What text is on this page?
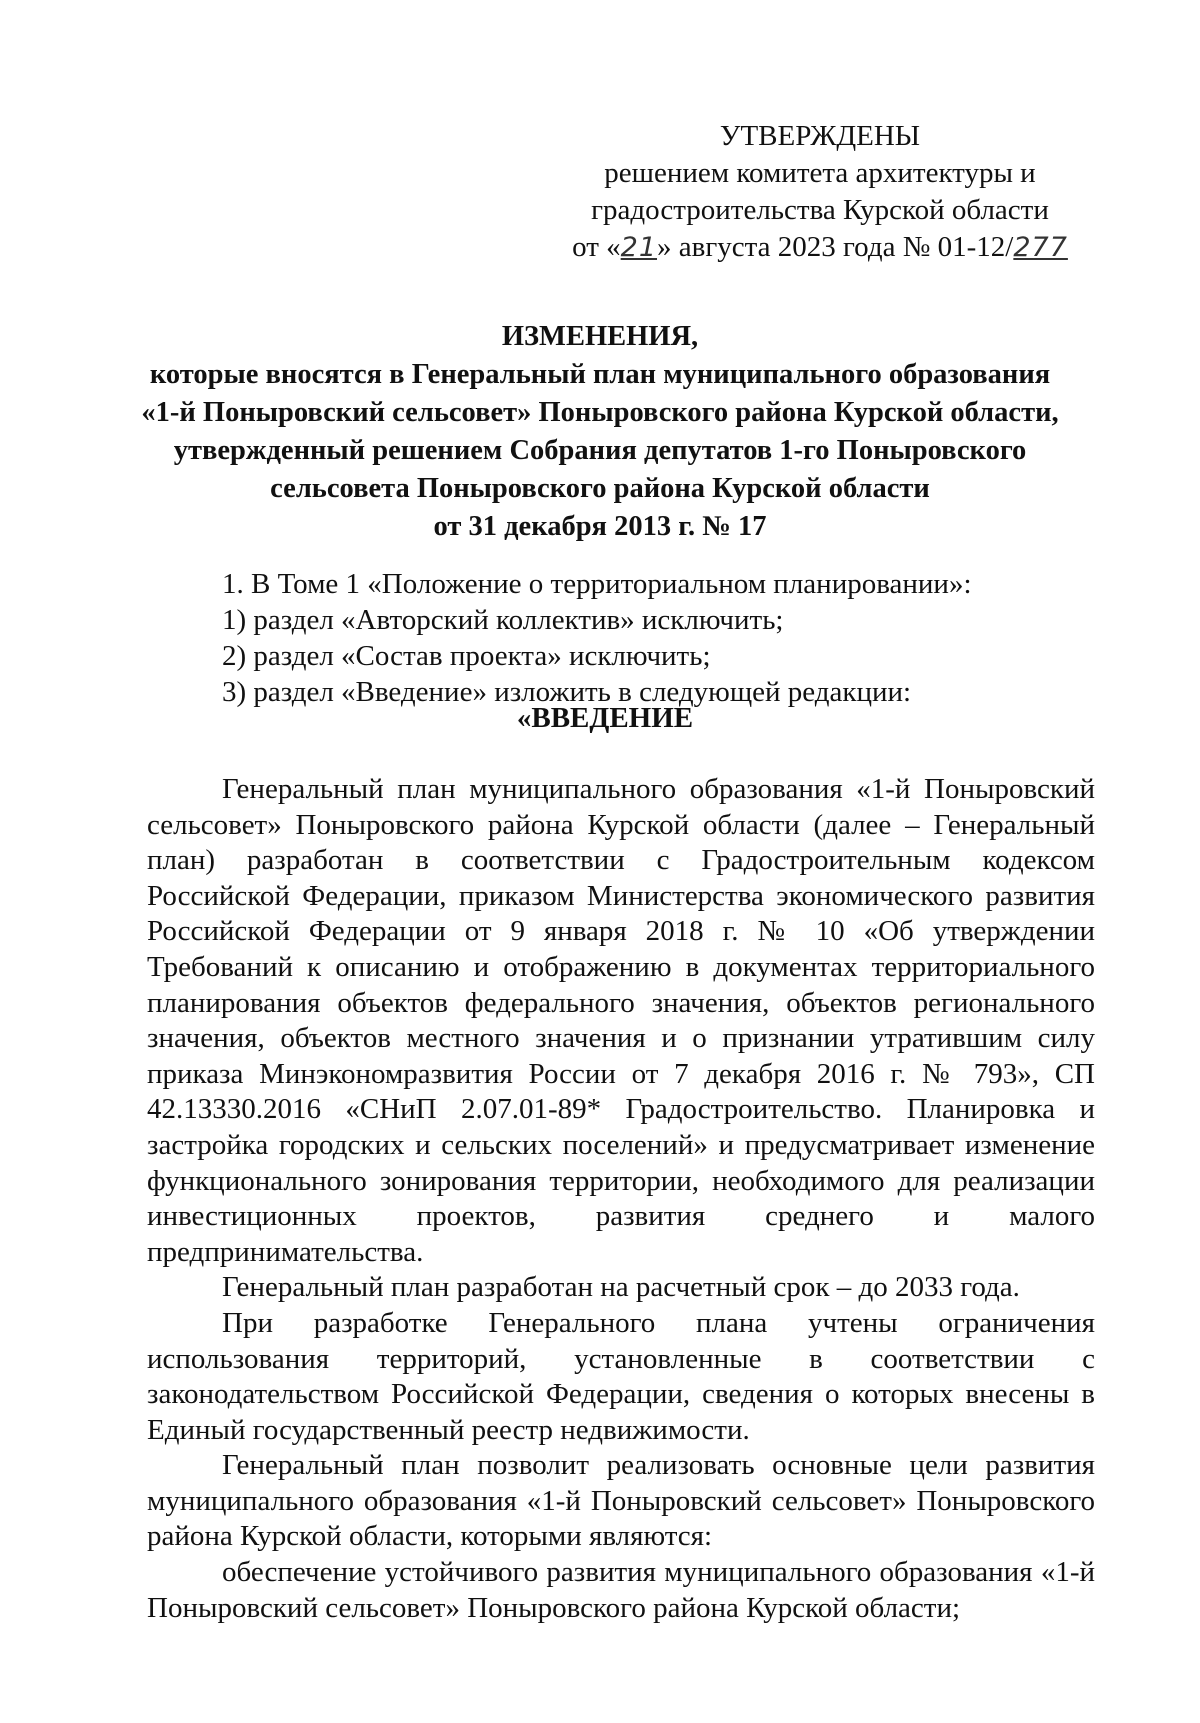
УТВЕРЖДЕНЫ
решением комитета архитектуры и
градостроительства Курской области
от «21» августа 2023 года № 01-12/277
ИЗМЕНЕНИЯ,
которые вносятся в Генеральный план муниципального образования
«1-й Поныровский сельсовет» Поныровского района Курской области,
утвержденный решением Собрания депутатов 1-го Поныровского
сельсовета Поныровского района Курской области
от 31 декабря 2013 г. № 17
1. В Томе 1 «Положение о территориальном планировании»:
1) раздел «Авторский коллектив» исключить;
2) раздел «Состав проекта» исключить;
3) раздел «Введение» изложить в следующей редакции:
«ВВЕДЕНИЕ

Генеральный план муниципального образования «1-й Поныровский сельсовет» Поныровского района Курской области (далее – Генеральный план) разработан в соответствии с Градостроительным кодексом Российской Федерации, приказом Министерства экономического развития Российской Федерации от 9 января 2018 г. № 10 «Об утверждении Требований к описанию и отображению в документах территориального планирования объектов федерального значения, объектов регионального значения, объектов местного значения и о признании утратившим силу приказа Минэкономразвития России от 7 декабря 2016 г. № 793», СП 42.13330.2016 «СНиП 2.07.01-89* Градостроительство. Планировка и застройка городских и сельских поселений» и предусматривает изменение функционального зонирования территории, необходимого для реализации инвестиционных проектов, развития среднего и малого предпринимательства.

Генеральный план разработан на расчетный срок – до 2033 года.

При разработке Генерального плана учтены ограничения использования территорий, установленные в соответствии с законодательством Российской Федерации, сведения о которых внесены в Единый государственный реестр недвижимости.

Генеральный план позволит реализовать основные цели развития муниципального образования «1-й Поныровский сельсовет» Поныровского района Курской области, которыми являются:

обеспечение устойчивого развития муниципального образования «1-й Поныровский сельсовет» Поныровского района Курской области;
